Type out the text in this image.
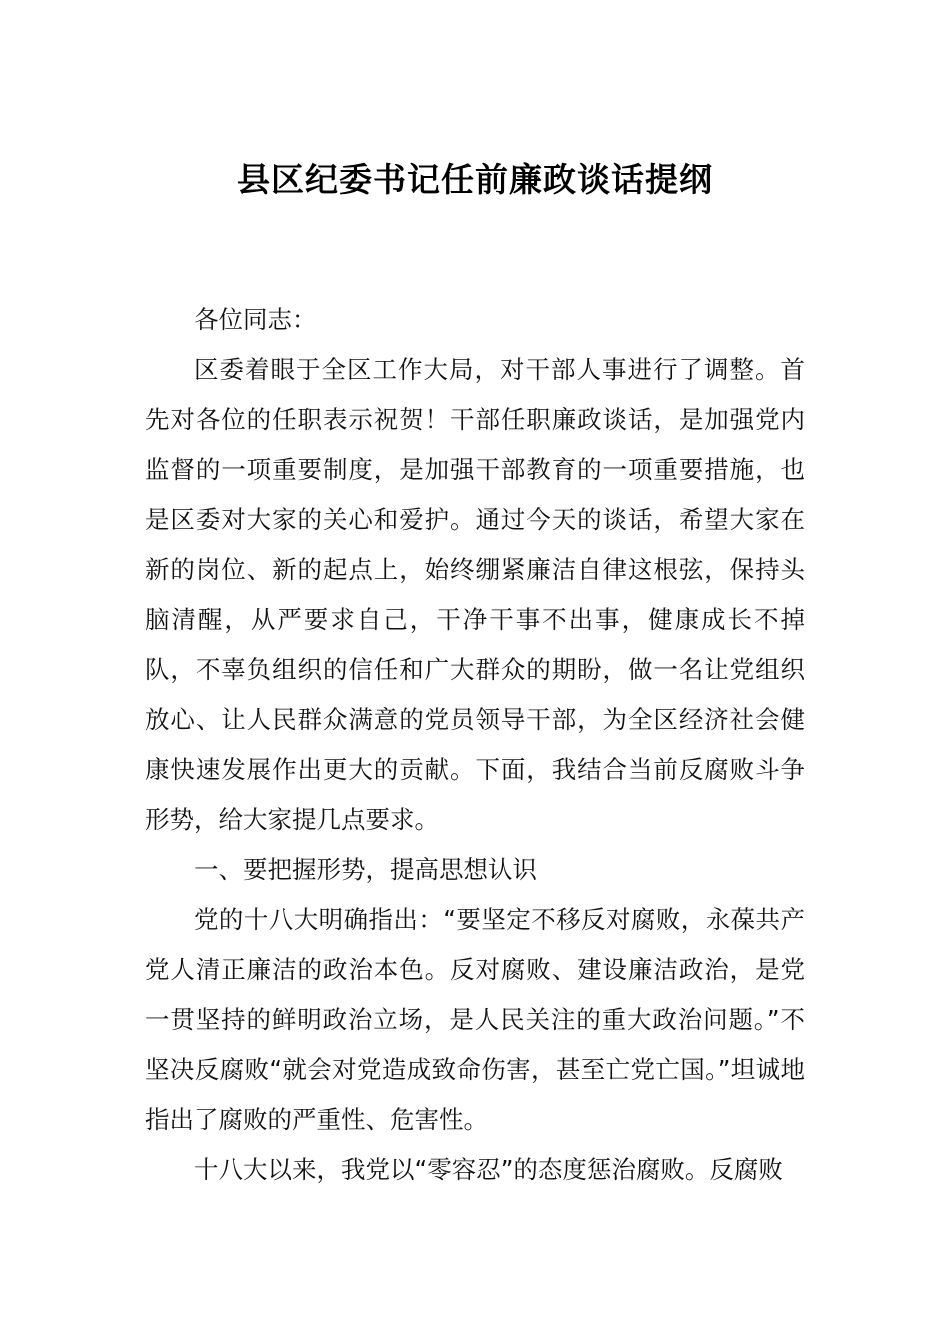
县区纪委书记任前廉政谈话提纲

各位同志：

区委着眼于全区工作大局，对干部人事进行了调整。首先对各位的任职表示祝贺！干部任职廉政谈话，是加强党内监督的一项重要制度，是加强干部教育的一项重要措施，也是区委对大家的关心和爱护。通过今天的谈话，希望大家在新的岗位、新的起点上，始终绷紧廉洁自律这根弦，保持头脑清醒，从严要求自己，干净干事不出事，健康成长不掉队，不辜负组织的信任和广大群众的期盼，做一名让党组织放心、让人民群众满意的党员领导干部，为全区经济社会健康快速发展作出更大的贡献。下面，我结合当前反腐败斗争形势，给大家提几点要求。

一、要把握形势，提高思想认识

党的十八大明确指出：“要坚定不移反对腐败，永葆共产党人清正廉洁的政治本色。反对腐败、建设廉洁政治，是党一贯坚持的鲜明政治立场，是人民关注的重大政治问题。”不坚决反腐败“就会对党造成致命伤害，甚至亡党亡国。”坦诚地指出了腐败的严重性、危害性。

十八大以来，我党以“零容忍”的态度惩治腐败。反腐败
